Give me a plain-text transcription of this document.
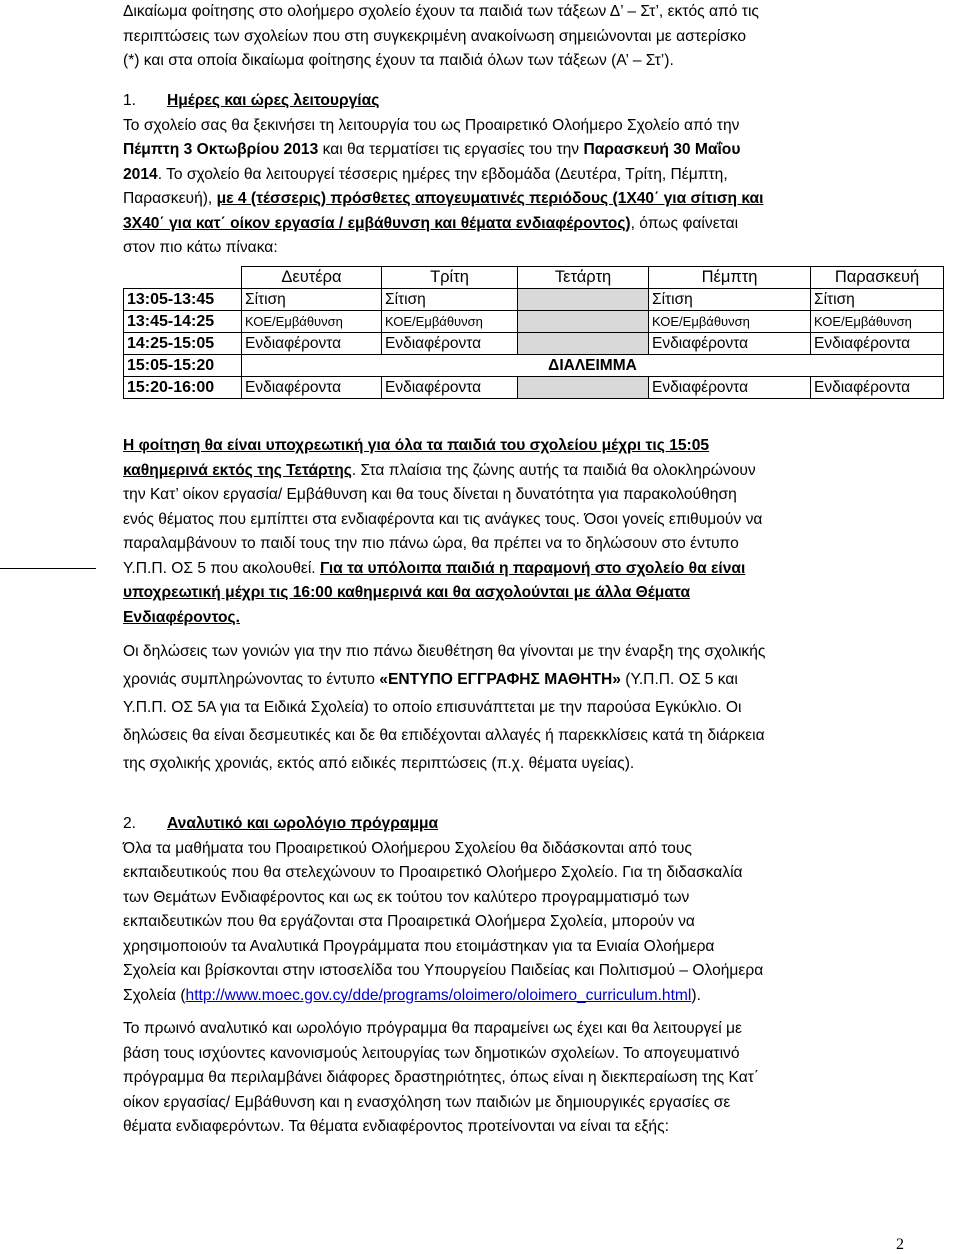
Δικαίωμα φοίτησης στο ολοήμερο σχολείο έχουν τα παιδιά των τάξεων Δ’ – Στ’, εκτός από τις
περιπτώσεις των σχολείων που στη συγκεκριμένη ανακοίνωση σημειώνονται με αστερίσκο
(*) και στα οποία δικαίωμα φοίτησης έχουν τα παιδιά όλων των τάξεων (Α’ – Στ’).

1. Ημέρες και ώρες λειτουργίας
Το σχολείο σας θα ξεκινήσει τη λειτουργία του ως Προαιρετικό Ολοήμερο Σχολείο από την
Πέμπτη 3 Οκτωβρίου 2013 και θα τερματίσει τις εργασίες του την Παρασκευή 30 Μαΐου
2014. Το σχολείο θα λειτουργεί τέσσερις ημέρες την εβδομάδα (Δευτέρα, Τρίτη, Πέμπτη,
Παρασκευή), με 4 (τέσσερις) πρόσθετες απογευματινές περιόδους (1Χ40΄ για σίτιση και
3Χ40΄ για κατ΄ οίκον εργασία / εμβάθυνση και θέματα ενδιαφέροντος), όπως φαίνεται
στον πιο κάτω πίνακα:

	Δευτέρα	Τρίτη	Τετάρτη	Πέμπτη	Παρασκευή
13:05-13:45	Σίτιση	Σίτιση		Σίτιση	Σίτιση
13:45-14:25	ΚΟΕ/Εμβάθυνση	ΚΟΕ/Εμβάθυνση		ΚΟΕ/Εμβάθυνση	ΚΟΕ/Εμβάθυνση
14:25-15:05	Ενδιαφέροντα	Ενδιαφέροντα		Ενδιαφέροντα	Ενδιαφέροντα
15:05-15:20	ΔΙΑΛΕΙΜΜΑ				
15:20-16:00	Ενδιαφέροντα	Ενδιαφέροντα		Ενδιαφέροντα	Ενδιαφέροντα

Η φοίτηση θα είναι υποχρεωτική για όλα τα παιδιά του σχολείου μέχρι τις 15:05
καθημερινά εκτός της Τετάρτης. Στα πλαίσια της ζώνης αυτής τα παιδιά θα ολοκληρώνουν
την Κατ’ οίκον εργασία/ Εμβάθυνση και θα τους δίνεται η δυνατότητα για παρακολούθηση
ενός θέματος που εμπίπτει στα ενδιαφέροντα και τις ανάγκες τους. Όσοι γονείς επιθυμούν να
παραλαμβάνουν το παιδί τους την πιο πάνω ώρα, θα πρέπει να το δηλώσουν στο έντυπο
Υ.Π.Π. ΟΣ 5 που ακολουθεί. Για τα υπόλοιπα παιδιά η παραμονή στο σχολείο θα είναι
υποχρεωτική μέχρι τις 16:00 καθημερινά και θα ασχολούνται με άλλα Θέματα
Ενδιαφέροντος.

Οι δηλώσεις των γονιών για την πιο πάνω διευθέτηση θα γίνονται με την έναρξη της σχολικής
χρονιάς συμπληρώνοντας το έντυπο «ΕΝΤΥΠΟ ΕΓΓΡΑΦΗΣ ΜΑΘΗΤΗ» (Υ.Π.Π. ΟΣ 5 και
Υ.Π.Π. ΟΣ 5Α για τα Ειδικά Σχολεία) το οποίο επισυνάπτεται με την παρούσα Εγκύκλιο. Οι
δηλώσεις θα είναι δεσμευτικές και δε θα επιδέχονται αλλαγές ή παρεκκλίσεις κατά τη διάρκεια
της σχολικής χρονιάς, εκτός από ειδικές περιπτώσεις (π.χ. θέματα υγείας).

2. Αναλυτικό και ωρολόγιο πρόγραμμα
Όλα τα μαθήματα του Προαιρετικού Ολοήμερου Σχολείου θα διδάσκονται από τους
εκπαιδευτικούς που θα στελεχώνουν το Προαιρετικό Ολοήμερο Σχολείο. Για τη διδασκαλία
των Θεμάτων Ενδιαφέροντος και ως εκ τούτου τον καλύτερο προγραμματισμό των
εκπαιδευτικών που θα εργάζονται στα Προαιρετικά Ολοήμερα Σχολεία, μπορούν να
χρησιμοποιούν τα Αναλυτικά Προγράμματα που ετοιμάστηκαν για τα Ενιαία Ολοήμερα
Σχολεία και βρίσκονται στην ιστοσελίδα του Υπουργείου Παιδείας και Πολιτισμού – Ολοήμερα
Σχολεία (http://www.moec.gov.cy/dde/programs/oloimero/oloimero_curriculum.html).

Το πρωινό αναλυτικό και ωρολόγιο πρόγραμμα θα παραμείνει ως έχει και θα λειτουργεί με
βάση τους ισχύοντες κανονισμούς λειτουργίας των δημοτικών σχολείων. Το απογευματινό
πρόγραμμα θα περιλαμβάνει διάφορες δραστηριότητες, όπως είναι η διεκπεραίωση της Κατ΄
οίκον εργασίας/ Εμβάθυνση και η ενασχόληση των παιδιών με δημιουργικές εργασίες σε
θέματα ενδιαφερόντων. Τα θέματα ενδιαφέροντος προτείνονται να είναι τα εξής:

2
